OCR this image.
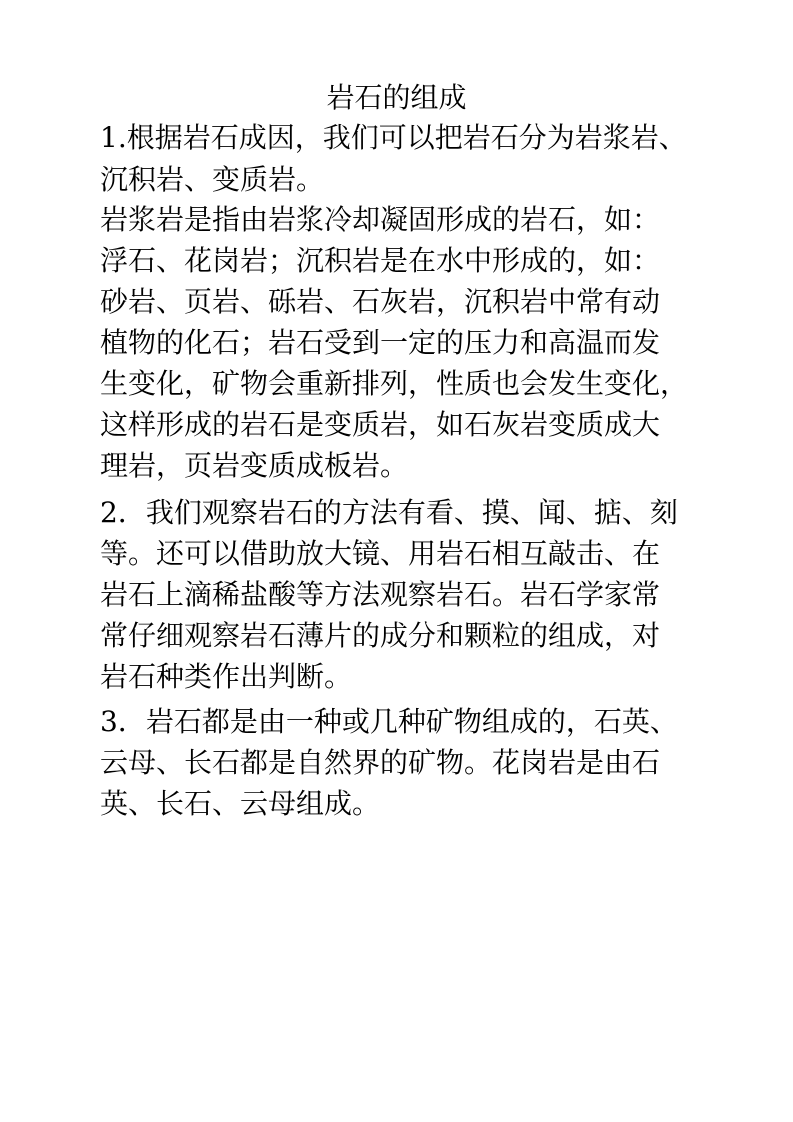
岩石的组成
1.根据岩石成因，我们可以把岩石分为岩浆岩、
沉积岩、变质岩。
岩浆岩是指由岩浆冷却凝固形成的岩石，如：
浮石、花岗岩；沉积岩是在水中形成的，如：
砂岩、页岩、砾岩、石灰岩，沉积岩中常有动
植物的化石；岩石受到一定的压力和高温而发
生变化，矿物会重新排列，性质也会发生变化，
这样形成的岩石是变质岩，如石灰岩变质成大
理岩，页岩变质成板岩。
2．我们观察岩石的方法有看、摸、闻、掂、刻
等。还可以借助放大镜、用岩石相互敲击、在
岩石上滴稀盐酸等方法观察岩石。岩石学家常
常仔细观察岩石薄片的成分和颗粒的组成，对
岩石种类作出判断。
3．岩石都是由一种或几种矿物组成的，石英、
云母、长石都是自然界的矿物。花岗岩是由石
英、长石、云母组成。
